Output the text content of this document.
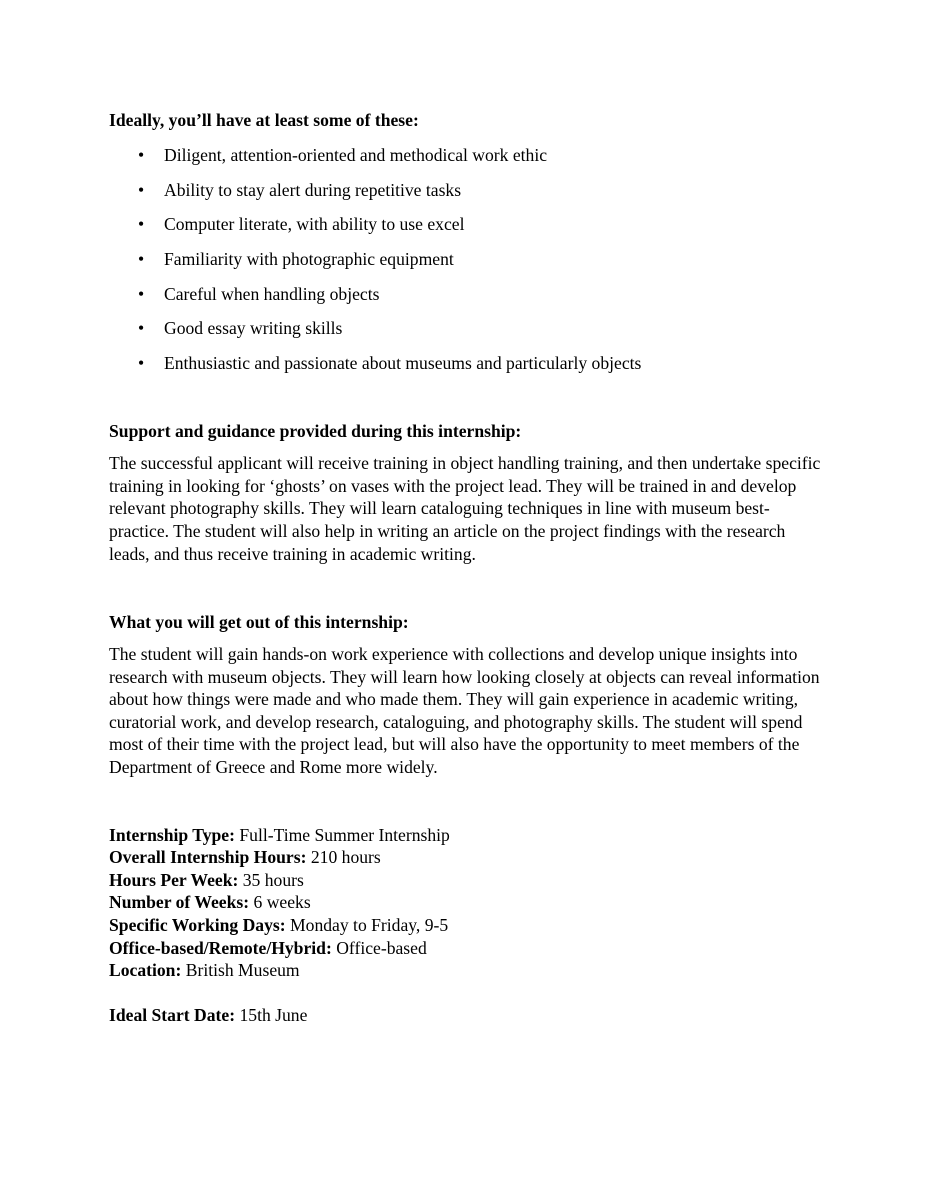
Ideally, you’ll have at least some of these:

• Diligent, attention-oriented and methodical work ethic
• Ability to stay alert during repetitive tasks
• Computer literate, with ability to use excel
• Familiarity with photographic equipment
• Careful when handling objects
• Good essay writing skills
• Enthusiastic and passionate about museums and particularly objects

Support and guidance provided during this internship:

The successful applicant will receive training in object handling training, and then undertake specific training in looking for ‘ghosts’ on vases with the project lead. They will be trained in and develop relevant photography skills. They will learn cataloguing techniques in line with museum best-practice. The student will also help in writing an article on the project findings with the research leads, and thus receive training in academic writing.

What you will get out of this internship:

The student will gain hands-on work experience with collections and develop unique insights into research with museum objects. They will learn how looking closely at objects can reveal information about how things were made and who made them. They will gain experience in academic writing, curatorial work, and develop research, cataloguing, and photography skills. The student will spend most of their time with the project lead, but will also have the opportunity to meet members of the Department of Greece and Rome more widely.

Internship Type: Full-Time Summer Internship
Overall Internship Hours: 210 hours
Hours Per Week: 35 hours
Number of Weeks: 6 weeks
Specific Working Days: Monday to Friday, 9-5
Office-based/Remote/Hybrid: Office-based
Location: British Museum
Ideal Start Date: 15th June
